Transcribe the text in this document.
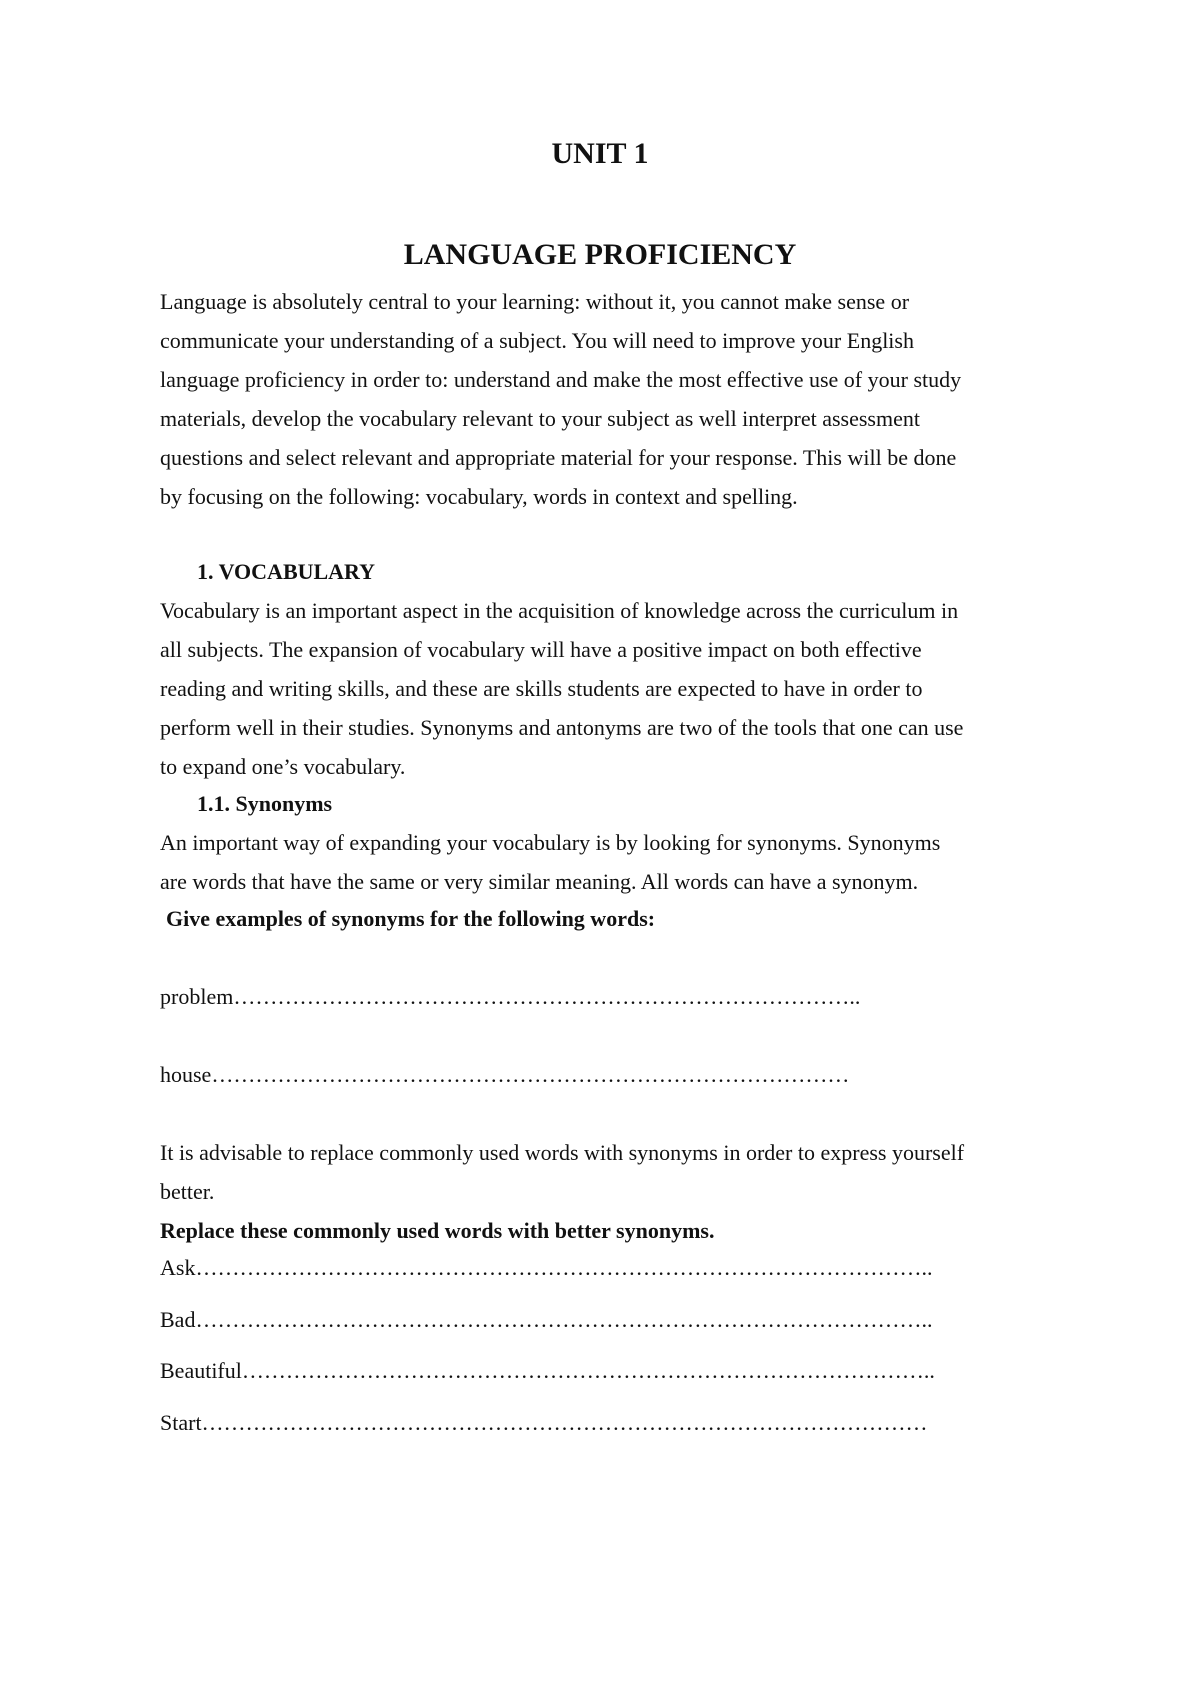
UNIT 1
LANGUAGE PROFICIENCY
Language is absolutely central to your learning: without it, you cannot make sense or
communicate your understanding of a subject. You will need to improve your English
language proficiency in order to: understand and make the most effective use of your study
materials, develop the vocabulary relevant to your subject as well interpret assessment
questions and select relevant and appropriate material for your response. This will be done
by focusing on the following: vocabulary, words in context and spelling.
1. VOCABULARY
Vocabulary is an important aspect in the acquisition of knowledge across the curriculum in
all subjects. The expansion of vocabulary will have a positive impact on both effective
reading and writing skills, and these are skills students are expected to have in order to
perform well in their studies. Synonyms and antonyms are two of the tools that one can use
to expand one’s vocabulary.
1.1. Synonyms
An important way of expanding your vocabulary is by looking for synonyms. Synonyms
are words that have the same or very similar meaning. All words can have a synonym.
Give examples of synonyms for the following words:
problem…………………………………………………………………………..
house……………………………………………………………………………
It is advisable to replace commonly used words with synonyms in order to express yourself
better.
Replace these commonly used words with better synonyms.
Ask………………………………………………………………………………………..
Bad………………………………………………………………………………………..
Beautiful…………………………………………………………………………………..
Start………………………………………………………………………………………
